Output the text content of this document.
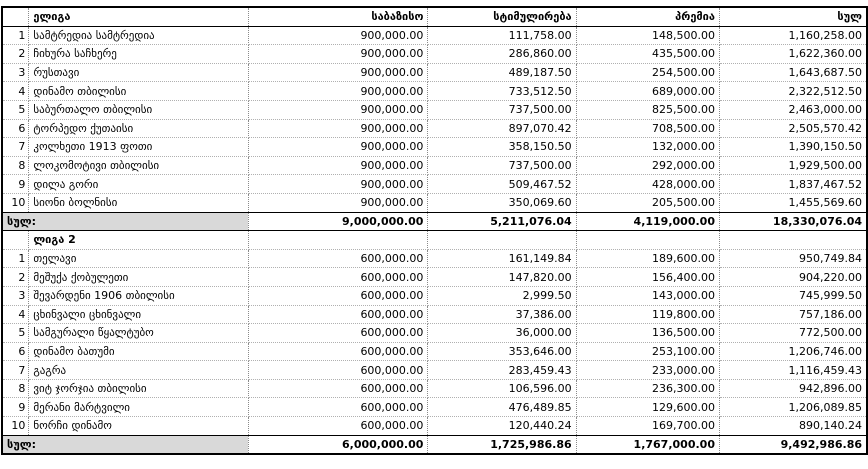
	ელიგა	საბაზისო	სტიმულირება	პრემია	სულ
1	სამტრედია სამტრედია	900,000.00	111,758.00	148,500.00	1,160,258.00
2	ჩიხურა საჩხერე	900,000.00	286,860.00	435,500.00	1,622,360.00
3	რუსთავი	900,000.00	489,187.50	254,500.00	1,643,687.50
4	დინამო თბილისი	900,000.00	733,512.50	689,000.00	2,322,512.50
5	საბურთალო თბილისი	900,000.00	737,500.00	825,500.00	2,463,000.00
6	ტორპედო ქუთაისი	900,000.00	897,070.42	708,500.00	2,505,570.42
7	კოლხეთი 1913 ფოთი	900,000.00	358,150.50	132,000.00	1,390,150.50
8	ლოკომოტივი თბილისი	900,000.00	737,500.00	292,000.00	1,929,500.00
9	დილა გორი	900,000.00	509,467.52	428,000.00	1,837,467.52
10	სიონი ბოლნისი	900,000.00	350,069.60	205,500.00	1,455,569.60
სულ:		9,000,000.00	5,211,076.04	4,119,000.00	18,330,076.04
	ლიგა 2				
1	თელავი	600,000.00	161,149.84	189,600.00	950,749.84
2	მეშუქა ქობულეთი	600,000.00	147,820.00	156,400.00	904,220.00
3	შევარდენი 1906 თბილისი	600,000.00	2,999.50	143,000.00	745,999.50
4	ცხინვალი ცხინვალი	600,000.00	37,386.00	119,800.00	757,186.00
5	სამგურალი წყალტუბო	600,000.00	36,000.00	136,500.00	772,500.00
6	დინამო ბათუმი	600,000.00	353,646.00	253,100.00	1,206,746.00
7	გაგრა	600,000.00	283,459.43	233,000.00	1,116,459.43
8	ვიტ ჯორჯია თბილისი	600,000.00	106,596.00	236,300.00	942,896.00
9	მერანი მარტვილი	600,000.00	476,489.85	129,600.00	1,206,089.85
10	ნორჩი დინამო	600,000.00	120,440.24	169,700.00	890,140.24
სულ:		6,000,000.00	1,725,986.86	1,767,000.00	9,492,986.86
